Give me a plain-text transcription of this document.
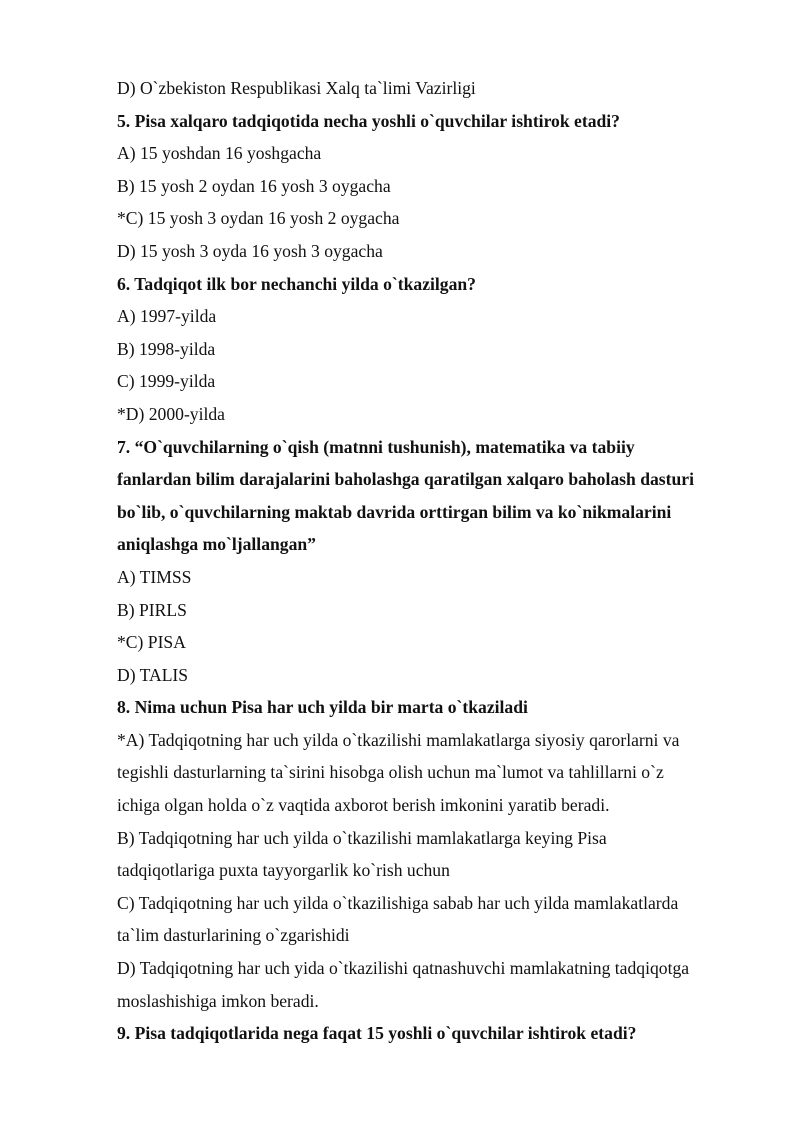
D) O`zbekiston Respublikasi Xalq ta`limi Vazirligi

5. Pisa xalqaro tadqiqotida necha yoshli o`quvchilar ishtirok etadi?

A) 15 yoshdan 16 yoshgacha

B) 15 yosh 2 oydan 16 yosh 3 oygacha

*C) 15 yosh 3 oydan 16 yosh 2 oygacha

D) 15 yosh 3 oyda 16 yosh 3 oygacha

6. Tadqiqot ilk bor nechanchi yilda o`tkazilgan?

A) 1997-yilda

B) 1998-yilda

C) 1999-yilda

*D) 2000-yilda

7. “O`quvchilarning o`qish (matnni tushunish), matematika va tabiiy

fanlardan bilim darajalarini baholashga qaratilgan xalqaro baholash dasturi

bo`lib, o`quvchilarning maktab davrida orttirgan bilim va ko`nikmalarini

aniqlashga mo`ljallangan”

A) TIMSS

B) PIRLS

*C) PISA

D) TALIS

8. Nima uchun Pisa har uch yilda bir marta o`tkaziladi

*A) Tadqiqotning har uch yilda o`tkazilishi mamlakatlarga siyosiy qarorlarni va

tegishli dasturlarning ta`sirini hisobga olish uchun ma`lumot va tahlillarni o`z

ichiga olgan holda o`z vaqtida axborot berish imkonini yaratib beradi.

B) Tadqiqotning har uch yilda o`tkazilishi mamlakatlarga keying Pisa

tadqiqotlariga puxta tayyorgarlik ko`rish uchun

C) Tadqiqotning har uch yilda o`tkazilishiga sabab har uch yilda mamlakatlarda

ta`lim dasturlarining o`zgarishidi

D) Tadqiqotning har uch yida o`tkazilishi qatnashuvchi mamlakatning tadqiqotga

moslashishiga imkon beradi.

9. Pisa tadqiqotlarida nega faqat 15 yoshli o`quvchilar ishtirok etadi?
